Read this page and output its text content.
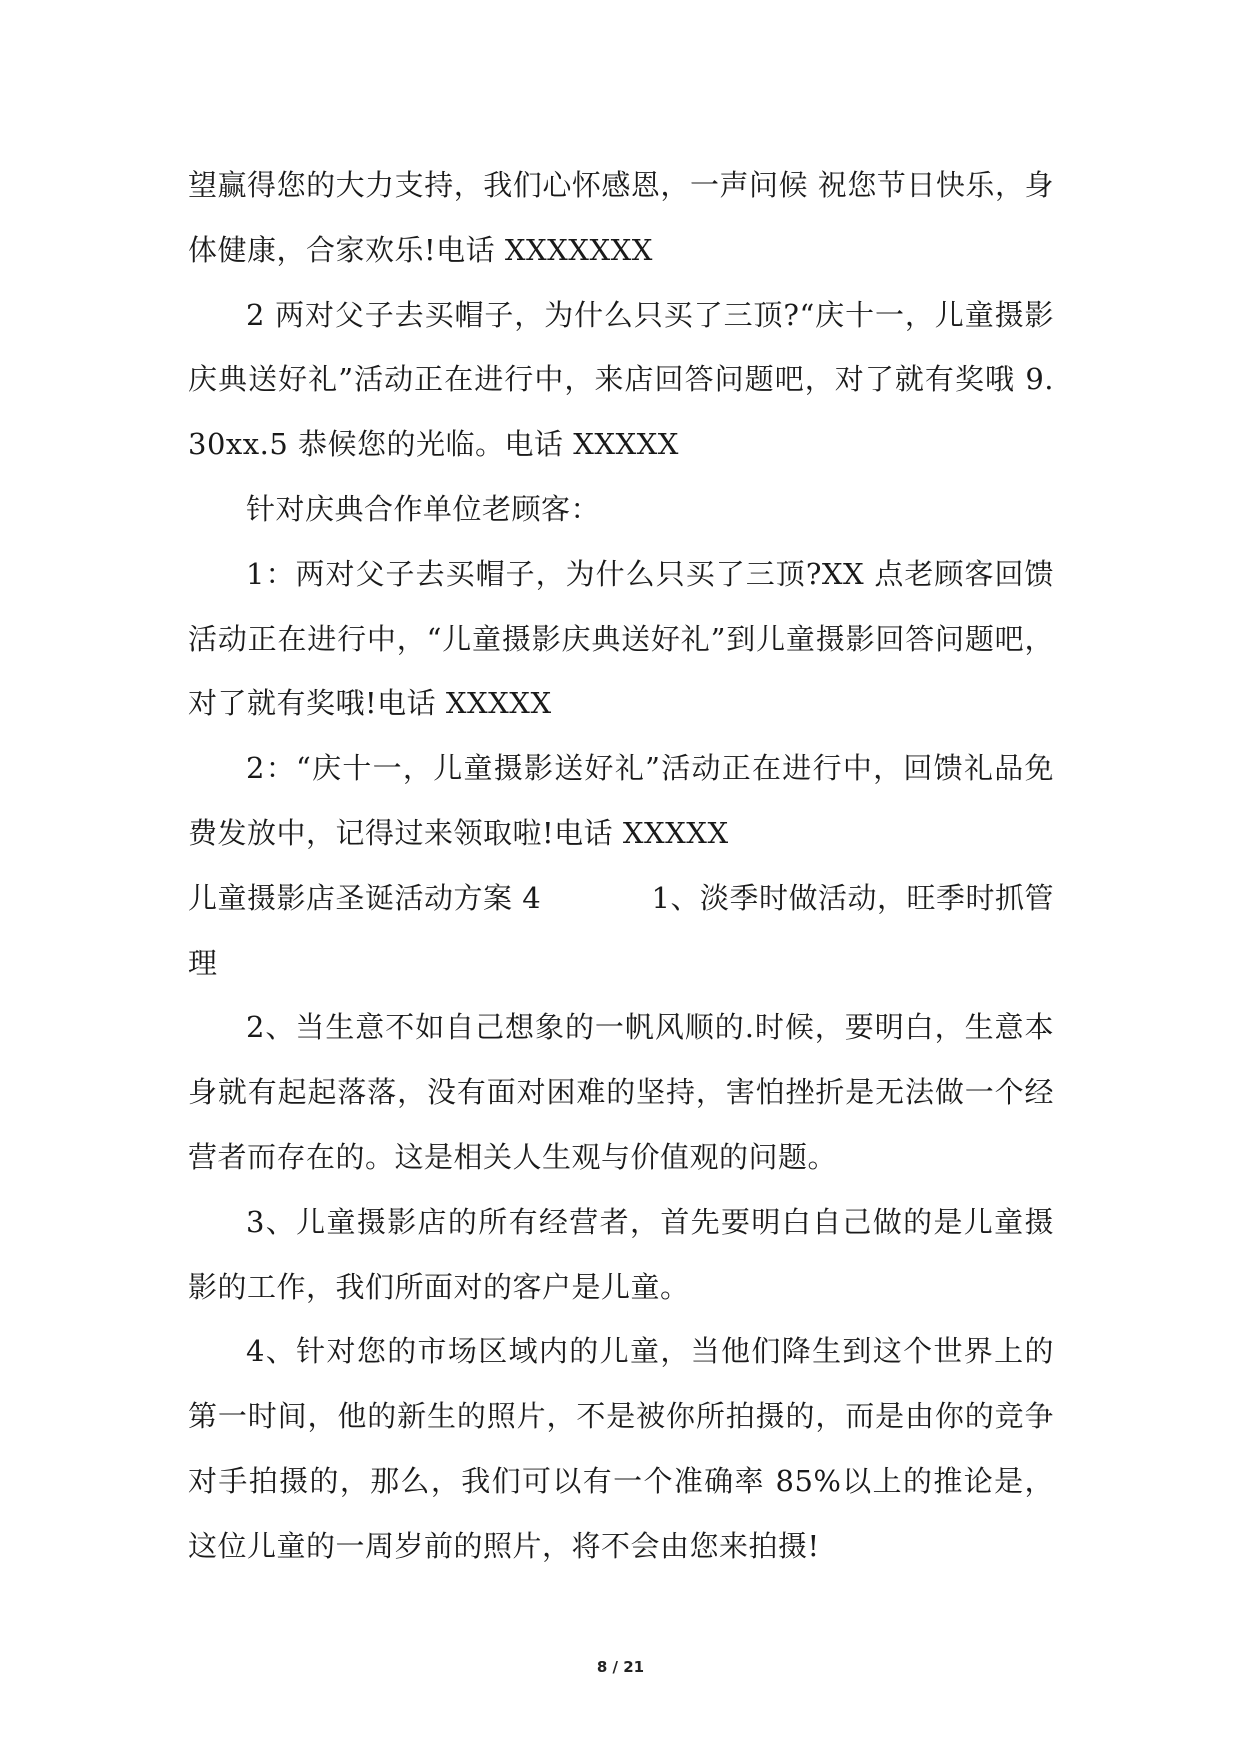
望赢得您的大力支持，我们心怀感恩，一声问候 祝您节日快乐，身体健康，合家欢乐!电话 XXXXXXX

2 两对父子去买帽子，为什么只买了三顶?“庆十一，儿童摄影庆典送好礼”活动正在进行中，来店回答问题吧，对了就有奖哦 9.30xx.5 恭候您的光临。电话 XXXXX

针对庆典合作单位老顾客：

1：两对父子去买帽子，为什么只买了三顶?XX 点老顾客回馈活动正在进行中，“儿童摄影庆典送好礼”到儿童摄影回答问题吧，对了就有奖哦!电话 XXXXX

2：“庆十一，儿童摄影送好礼”活动正在进行中，回馈礼品免费发放中，记得过来领取啦!电话 XXXXX

儿童摄影店圣诞活动方案 4	1、淡季时做活动，旺季时抓管

理

2、当生意不如自己想象的一帆风顺的.时候，要明白，生意本身就有起起落落，没有面对困难的坚持，害怕挫折是无法做一个经营者而存在的。这是相关人生观与价值观的问题。

3、儿童摄影店的所有经营者，首先要明白自己做的是儿童摄影的工作，我们所面对的客户是儿童。

4、针对您的市场区域内的儿童，当他们降生到这个世界上的第一时间，他的新生的照片，不是被你所拍摄的，而是由你的竞争对手拍摄的，那么，我们可以有一个准确率 85%以上的推论是，这位儿童的一周岁前的照片，将不会由您来拍摄!

8 / 21
